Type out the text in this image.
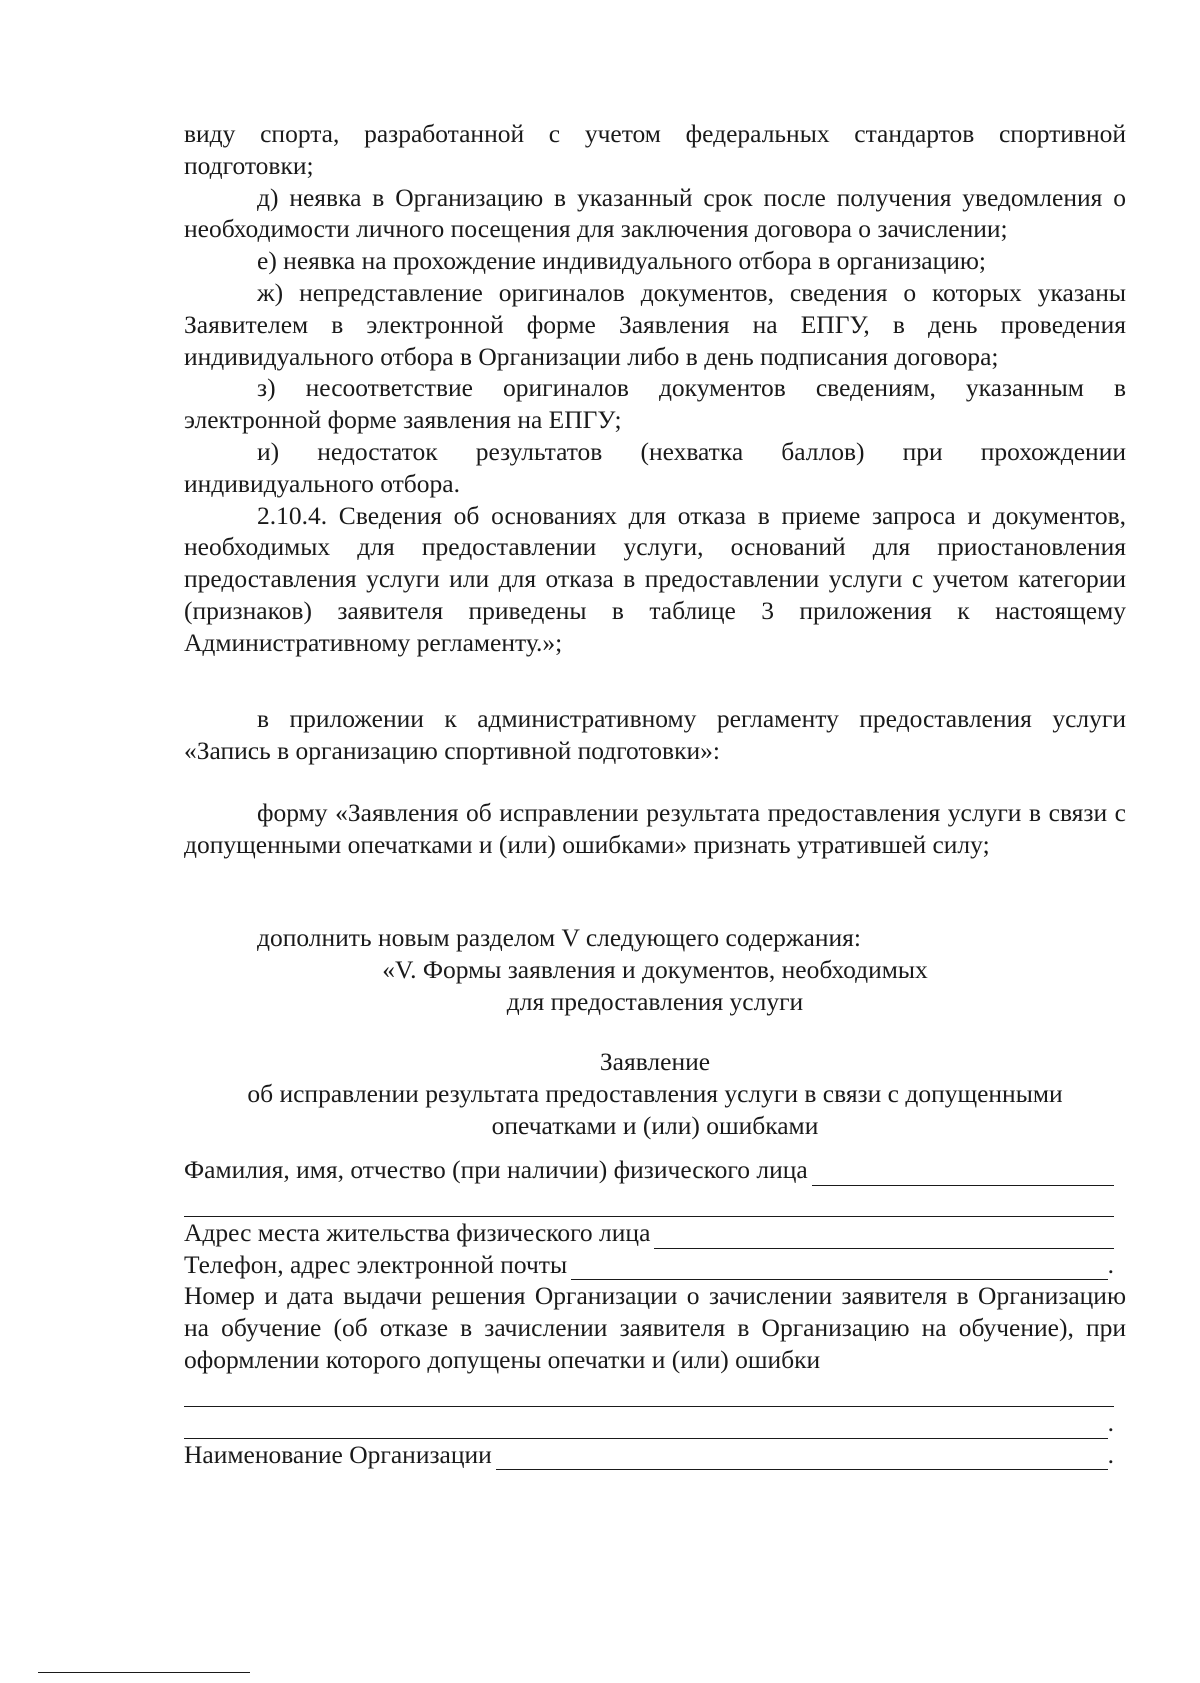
виду спорта, разработанной с учетом федеральных стандартов спортивной подготовки;

д) неявка в Организацию в указанный срок после получения уведомления о необходимости личного посещения для заключения договора о зачислении;

е) неявка на прохождение индивидуального отбора в организацию;

ж) непредставление оригиналов документов, сведения о которых указаны Заявителем в электронной форме Заявления на ЕПГУ, в день проведения индивидуального отбора в Организации либо в день подписания договора;

з) несоответствие оригиналов документов сведениям, указанным в электронной форме заявления на ЕПГУ;

и) недостаток результатов (нехватка баллов) при прохождении индивидуального отбора.

2.10.4. Сведения об основаниях для отказа в приеме запроса и документов, необходимых для предоставлении услуги, оснований для приостановления предоставления услуги или для отказа в предоставлении услуги с учетом категории (признаков) заявителя приведены в таблице 3 приложения к настоящему Административному регламенту.»;

в приложении к административному регламенту предоставления услуги «Запись в организацию спортивной подготовки»:

форму «Заявления об исправлении результата предоставления услуги в связи с допущенными опечатками и (или) ошибками» признать утратившей силу;

дополнить новым разделом V следующего содержания:

«V. Формы заявления и документов, необходимых

для предоставления услуги

Заявление

об исправлении результата предоставления услуги в связи с допущенными

опечатками и (или) ошибками

Фамилия, имя, отчество (при наличии) физического лица
Адрес места жительства физического лица
Телефон, адрес электронной почты	.

Номер и дата выдачи решения Организации о зачислении заявителя в Организацию на обучение (об отказе в зачислении заявителя в Организацию на обучение), при оформлении которого допущены опечатки и (или) ошибки

.
Наименование Организации	.
